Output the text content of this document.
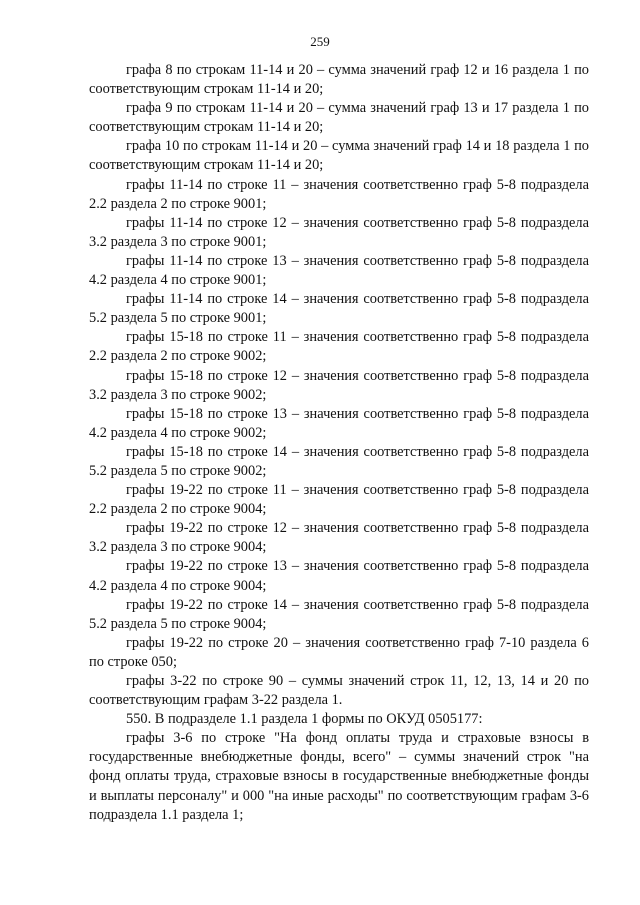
259

графа 8 по строкам 11-14 и 20 – сумма значений граф 12 и 16 раздела 1 по соответствующим строкам 11-14 и 20;

графа 9 по строкам 11-14 и 20 – сумма значений граф 13 и 17 раздела 1 по соответствующим строкам 11-14 и 20;

графа 10 по строкам 11-14 и 20 – сумма значений граф 14 и 18 раздела 1 по соответствующим строкам 11-14 и 20;

графы 11-14 по строке 11 – значения соответственно граф 5-8 подраздела 2.2 раздела 2 по строке 9001;

графы 11-14 по строке 12 – значения соответственно граф 5-8 подраздела 3.2 раздела 3 по строке 9001;

графы 11-14 по строке 13 – значения соответственно граф 5-8 подраздела 4.2 раздела 4 по строке 9001;

графы 11-14 по строке 14 – значения соответственно граф 5-8 подраздела 5.2 раздела 5 по строке 9001;

графы 15-18 по строке 11 – значения соответственно граф 5-8 подраздела 2.2 раздела 2 по строке 9002;

графы 15-18 по строке 12 – значения соответственно граф 5-8 подраздела 3.2 раздела 3 по строке 9002;

графы 15-18 по строке 13 – значения соответственно граф 5-8 подраздела 4.2 раздела 4 по строке 9002;

графы 15-18 по строке 14 – значения соответственно граф 5-8 подраздела 5.2 раздела 5 по строке 9002;

графы 19-22 по строке 11 – значения соответственно граф 5-8 подраздела 2.2 раздела 2 по строке 9004;

графы 19-22 по строке 12 – значения соответственно граф 5-8 подраздела 3.2 раздела 3 по строке 9004;

графы 19-22 по строке 13 – значения соответственно граф 5-8 подраздела 4.2 раздела 4 по строке 9004;

графы 19-22 по строке 14 – значения соответственно граф 5-8 подраздела 5.2 раздела 5 по строке 9004;

графы 19-22 по строке 20 – значения соответственно граф 7-10 раздела 6 по строке 050;

графы 3-22 по строке 90 – суммы значений строк 11, 12, 13, 14 и 20 по соответствующим графам 3-22 раздела 1.

550. В подразделе 1.1 раздела 1 формы по ОКУД 0505177:

графы 3-6 по строке "На фонд оплаты труда и страховые взносы в государственные внебюджетные фонды, всего" – суммы значений строк "на фонд оплаты труда, страховые взносы в государственные внебюджетные фонды и выплаты персоналу" и 000 "на иные расходы" по соответствующим графам 3-6 подраздела 1.1 раздела 1;
